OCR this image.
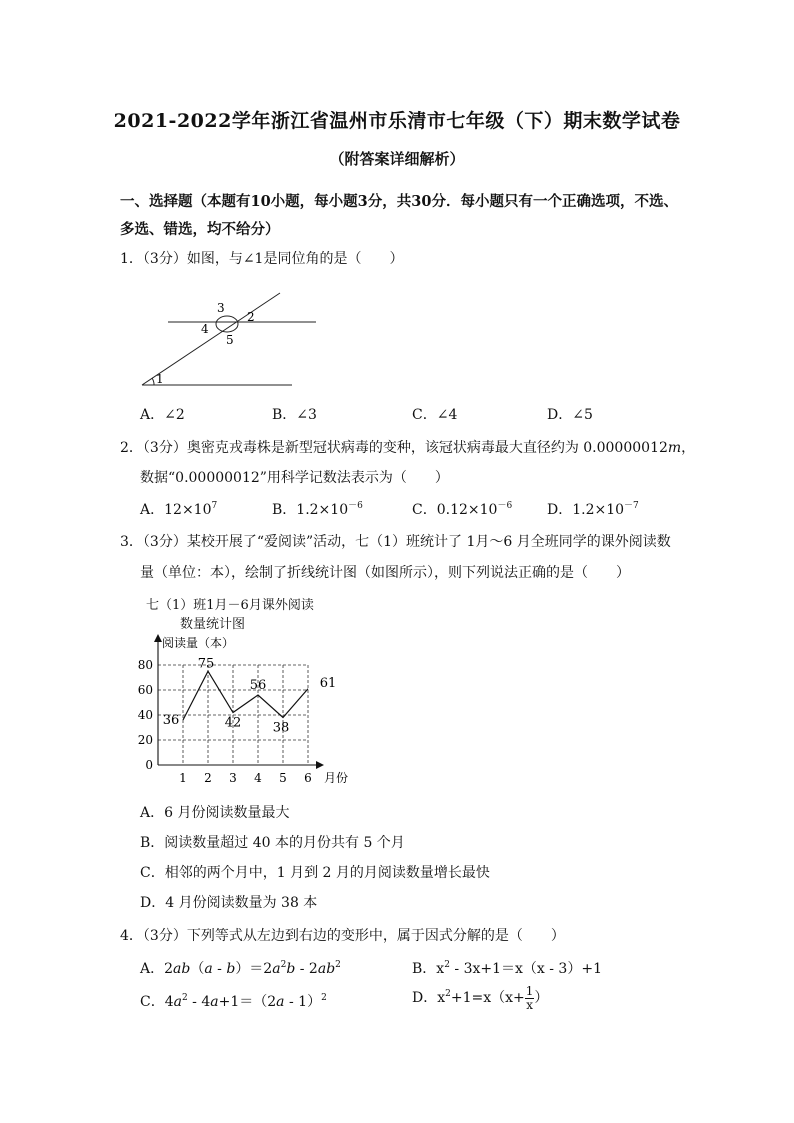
2021-2022学年浙江省温州市乐清市七年级（下）期末数学试卷
（附答案详细解析）
一、选择题（本题有10小题，每小题3分，共30分．每小题只有一个正确选项，不选、
多选、错选，均不给分）
1．（3分）如图，与∠1是同位角的是（　　）
1
2
3
4
5
A．∠2	B．∠3	C．∠4	D．∠5
2．（3分）奥密克戎毒株是新型冠状病毒的变种，该冠状病毒最大直径约为 0.00000012m，
数据“0.00000012”用科学记数法表示为（　　）
A．$12\times 10^7$	B．$1.2\times 10^{-6}$	C．$0.12\times 10^{-6}$ D．$1.2\times 10^{-7}$
3．（3分）某校开展了“爱阅读”活动，七（1）班统计了 1月～6 月全班同学的课外阅读数
量（单位：本），绘制了折线统计图（如图所示），则下列说法正确的是（　　）
七（1）班1月－6月课外阅读
数量统计图
0
20
40
60
80
1 2 3 4 5 6
36
75
42
56
38
61
阅读量（本）
月份
A．6 月份阅读数量最大
B．阅读数量超过 40 本的月份共有 5 个月
C．相邻的两个月中，1 月到 2 月的月阅读数量增长最快
D．4 月份阅读数量为 38 本
4．（3分）下列等式从左边到右边的变形中，属于因式分解的是（　　）
A．$2ab(a - b)=2a^2b - 2ab^2$	B．$x^2 - 3x+1=x(x - 3)+1$
C．$4a^2 - 4a+1=(2a - 1)^2$	D．$x^2+1=x(x+ \frac{1}{x}$ ）
